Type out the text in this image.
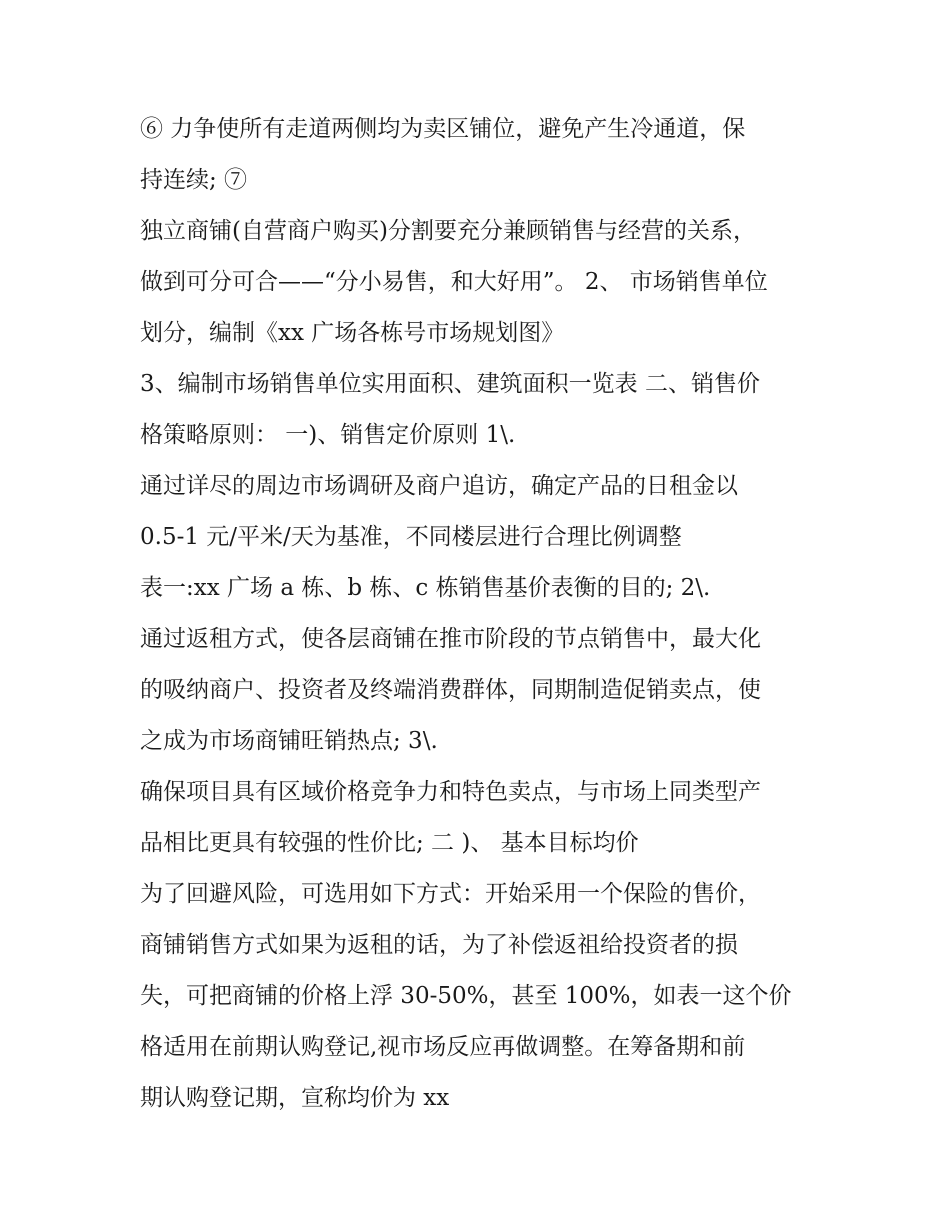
⑥ 力争使所有走道两侧均为卖区铺位，避免产生冷通道，保
持连续; ⑦
独立商铺(自营商户购买)分割要充分兼顾销售与经营的关系，
做到可分可合——“分小易售，和大好用”。 2、 市场销售单位
划分，编制《xx 广场各栋号市场规划图》
3、编制市场销售单位实用面积、建筑面积一览表 二、销售价
格策略原则： 一)、销售定价原则 1\.
通过详尽的周边市场调研及商户追访，确定产品的日租金以
0.5-1 元/平米/天为基准，不同楼层进行合理比例调整
表一:xx 广场 a 栋、b 栋、c 栋销售基价表衡的目的; 2\.
通过返租方式，使各层商铺在推市阶段的节点销售中，最大化
的吸纳商户、投资者及终端消费群体，同期制造促销卖点，使
之成为市场商铺旺销热点; 3\.
确保项目具有区域价格竞争力和特色卖点，与市场上同类型产
品相比更具有较强的性价比; 二 )、 基本目标均价
为了回避风险，可选用如下方式：开始采用一个保险的售价，
商铺销售方式如果为返租的话，为了补偿返祖给投资者的损
失，可把商铺的价格上浮 30-50%，甚至 100%，如表一这个价
格适用在前期认购登记,视市场反应再做调整。在筹备期和前
期认购登记期，宣称均价为 xx
